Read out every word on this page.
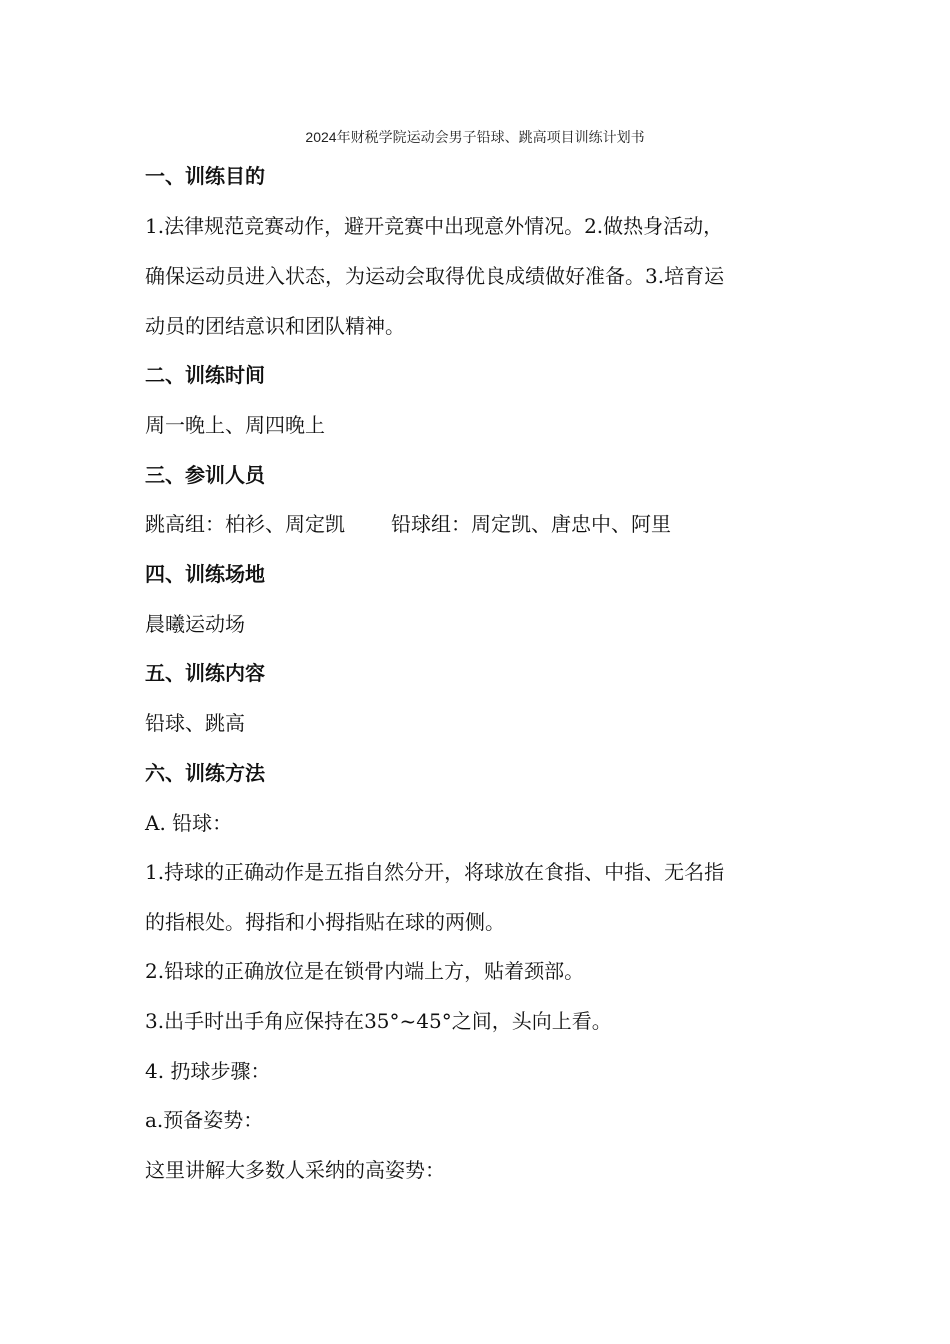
2024年财税学院运动会男子铅球、跳高项目训练计划书
一、训练目的
1.法律规范竞赛动作，避开竞赛中出现意外情况。2.做热身活动，
确保运动员进入状态，为运动会取得优良成绩做好准备。3.培育运
动员的团结意识和团队精神。
二、训练时间
周一晚上、周四晚上
三、参训人员
跳高组：柏衫、周定凯 铅球组：周定凯、唐忠中、阿里
四、训练场地
晨曦运动场
五、训练内容
铅球、跳高
六、训练方法
A. 铅球：
1.持球的正确动作是五指自然分开，将球放在食指、中指、无名指
的指根处。拇指和小拇指贴在球的两侧。
2.铅球的正确放位是在锁骨内端上方，贴着颈部。
3.出手时出手角应保持在35°~45°之间，头向上看。
4. 扔球步骤：
a.预备姿势：
这里讲解大多数人采纳的高姿势：
